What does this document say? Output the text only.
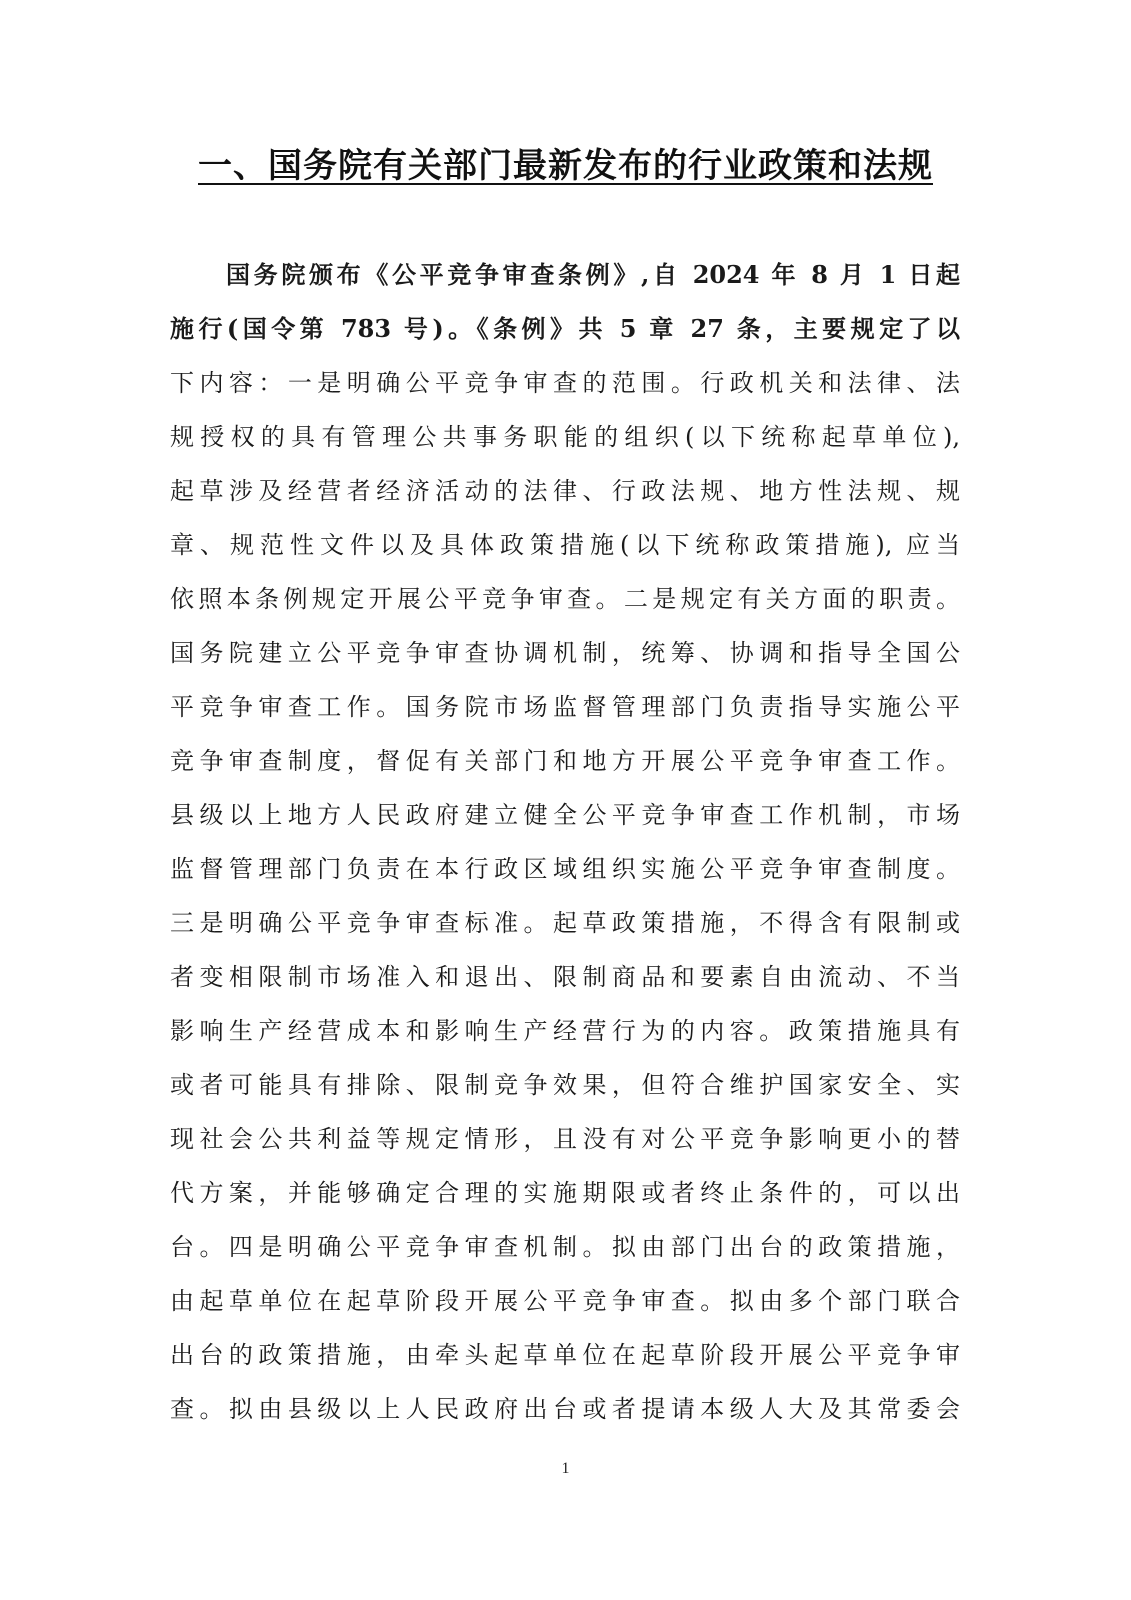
一、国务院有关部门最新发布的行业政策和法规
国务院颁布《公平竞争审查条例》,自 2024 年 8 月 1 日起
施行(国令第 783 号)。《条例》共 5 章 27 条，主要规定了以
下内容：一是明确公平竞争审查的范围。行政机关和法律、法
规授权的具有管理公共事务职能的组织(以下统称起草单位),
起草涉及经营者经济活动的法律、行政法规、地方性法规、规
章、规范性文件以及具体政策措施(以下统称政策措施), 应当
依照本条例规定开展公平竞争审查。二是规定有关方面的职责。
国务院建立公平竞争审查协调机制，统筹、协调和指导全国公
平竞争审查工作。国务院市场监督管理部门负责指导实施公平
竞争审查制度，督促有关部门和地方开展公平竞争审查工作。
县级以上地方人民政府建立健全公平竞争审查工作机制，市场
监督管理部门负责在本行政区域组织实施公平竞争审查制度。
三是明确公平竞争审查标准。起草政策措施，不得含有限制或
者变相限制市场准入和退出、限制商品和要素自由流动、不当
影响生产经营成本和影响生产经营行为的内容。政策措施具有
或者可能具有排除、限制竞争效果，但符合维护国家安全、实
现社会公共利益等规定情形，且没有对公平竞争影响更小的替
代方案，并能够确定合理的实施期限或者终止条件的，可以出
台。四是明确公平竞争审查机制。拟由部门出台的政策措施，
由起草单位在起草阶段开展公平竞争审查。拟由多个部门联合
出台的政策措施，由牵头起草单位在起草阶段开展公平竞争审
查。拟由县级以上人民政府出台或者提请本级人大及其常委会
1
